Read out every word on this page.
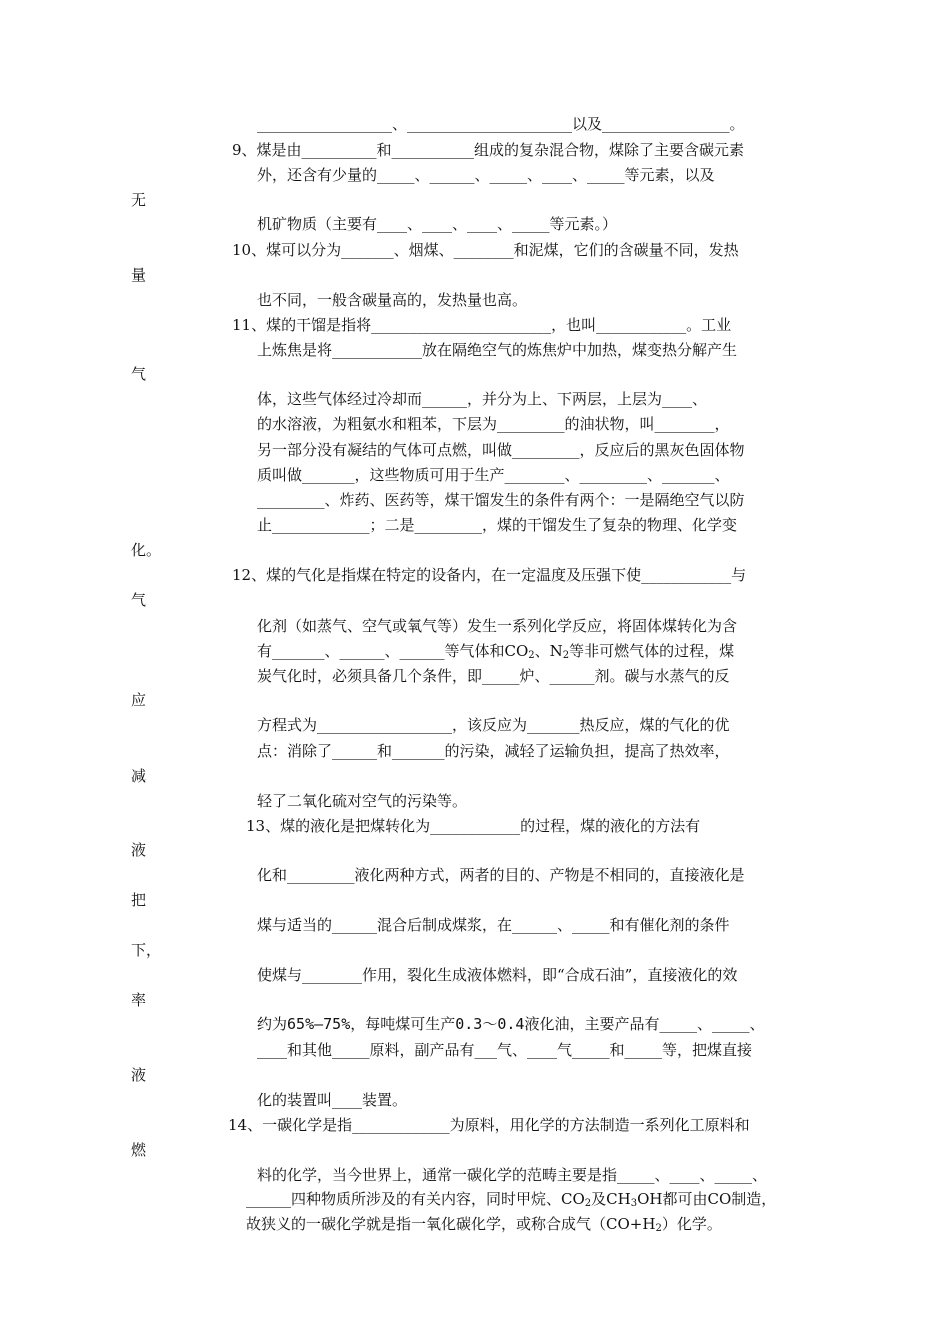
__________________、______________________以及_________________。
9、煤是由__________和___________组成的复杂混合物，煤除了主要含碳元素
外，还含有少量的_____、______、_____、____、_____等元素，以及
机矿物质（主要有____、____、____、_____等元素。）
10、煤可以分为_______、烟煤、________和泥煤，它们的含碳量不同，发热
也不同，一般含碳量高的，发热量也高。
11、煤的干馏是指将________________________，也叫____________。工业
上炼焦是将____________放在隔绝空气的炼焦炉中加热，煤变热分解产生
体，这些气体经过冷却而______，并分为上、下两层，上层为____、
的水溶液，为粗氨水和粗苯，下层为_________的油状物，叫________，
另一部分没有凝结的气体可点燃，叫做_________，反应后的黑灰色固体物
质叫做_______，这些物质可用于生产________、_________、_______、
_________、炸药、医药等，煤干馏发生的条件有两个：一是隔绝空气以防
止_____________；二是_________，煤的干馏发生了复杂的物理、化学变
12、煤的气化是指煤在特定的设备内，在一定温度及压强下使____________与
化剂（如蒸气、空气或氧气等）发生一系列化学反应，将固体煤转化为含
炭气化时，必须具备几个条件，即_____炉、______剂。碳与水蒸气的反
方程式为__________________，该反应为_______热反应，煤的气化的优
点：消除了______和_______的污染，减轻了运输负担，提高了热效率，
轻了二氧化硫对空气的污染等。
13、煤的液化是把煤转化为____________的过程，煤的液化的方法有
化和_________液化两种方式，两者的目的、产物是不相同的，直接液化是
煤与适当的______混合后制成煤浆，在______、_____和有催化剂的条件
使煤与________作用，裂化生成液体燃料，即“合成石油”，直接液化的效
____和其他_____原料，副产品有___气、____气_____和_____等，把煤直接
化的装置叫____装置。
14、一碳化学是指_____________为原料，用化学的方法制造一系列化工原料和
料的化学，当今世界上，通常一碳化学的范畴主要是指_____、____、_____、
有_______、______、______等气体和$CO_2$、$N_2$等非可燃气体的过程，煤
约为65%—75%，每吨煤可生产0.3～0.4液化油，主要产品有_____、_____、
______四种物质所涉及的有关内容，同时甲烷、$CO_2$及$CH_3OH$都可由CO制造，
故狭义的一碳化学就是指一氧化碳化学，或称合成气$(CO+H_2)$化学。
无
量
气
化。
气
应
减
液
把
下，
率
液
燃
